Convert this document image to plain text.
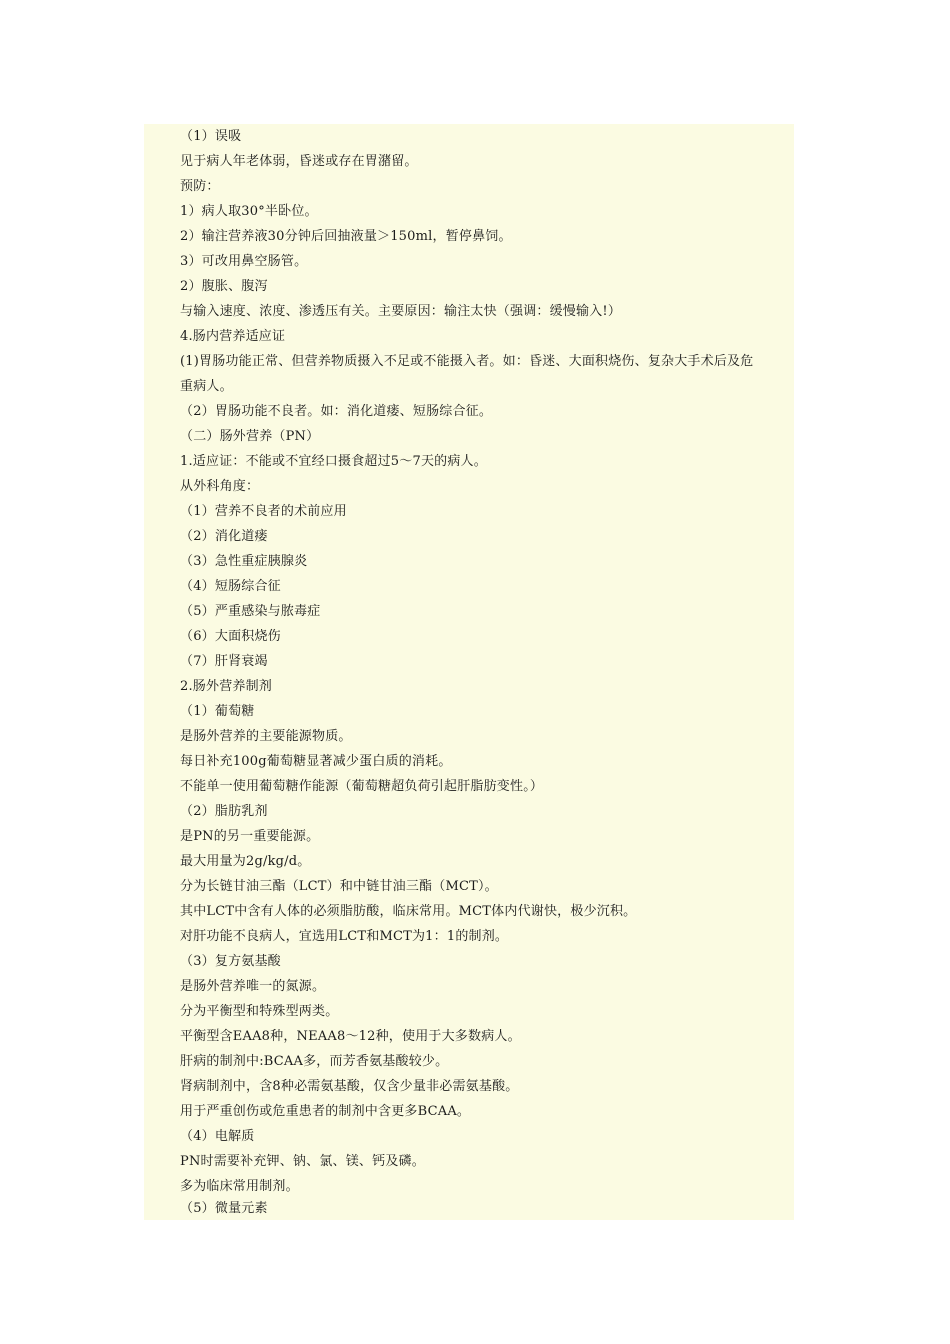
（1）误吸
见于病人年老体弱，昏迷或存在胃潴留。
预防：
1）病人取30°半卧位。
2）输注营养液30分钟后回抽液量＞150ml，暂停鼻饲。
3）可改用鼻空肠管。
2）腹胀、腹泻
与输入速度、浓度、渗透压有关。主要原因：输注太快（强调：缓慢输入!）
4.肠内营养适应证
(1)胃肠功能正常、但营养物质摄入不足或不能摄入者。如：昏迷、大面积烧伤、复杂大手术后及危
重病人。
（2）胃肠功能不良者。如：消化道瘘、短肠综合征。
（二）肠外营养（PN）
1.适应证：不能或不宜经口摄食超过5～7天的病人。
从外科角度：
（1）营养不良者的术前应用
（2）消化道瘘
（3）急性重症胰腺炎
（4）短肠综合征
（5）严重感染与脓毒症
（6）大面积烧伤
（7）肝肾衰竭
2.肠外营养制剂
（1）葡萄糖
是肠外营养的主要能源物质。
每日补充100g葡萄糖显著减少蛋白质的消耗。
不能单一使用葡萄糖作能源（葡萄糖超负荷引起肝脂肪变性。）
（2）脂肪乳剂
是PN的另一重要能源。
最大用量为2g/kg/d。
分为长链甘油三酯（LCT）和中链甘油三酯（MCT）。
其中LCT中含有人体的必须脂肪酸，临床常用。MCT体内代谢快，极少沉积。
对肝功能不良病人，宜选用LCT和MCT为1：1的制剂。
（3）复方氨基酸
是肠外营养唯一的氮源。
分为平衡型和特殊型两类。
平衡型含EAA8种，NEAA8～12种，使用于大多数病人。
肝病的制剂中:BCAA多，而芳香氨基酸较少。
肾病制剂中，含8种必需氨基酸，仅含少量非必需氨基酸。
用于严重创伤或危重患者的制剂中含更多BCAA。
（4）电解质
PN时需要补充钾、钠、氯、镁、钙及磷。
多为临床常用制剂。
（5）微量元素
